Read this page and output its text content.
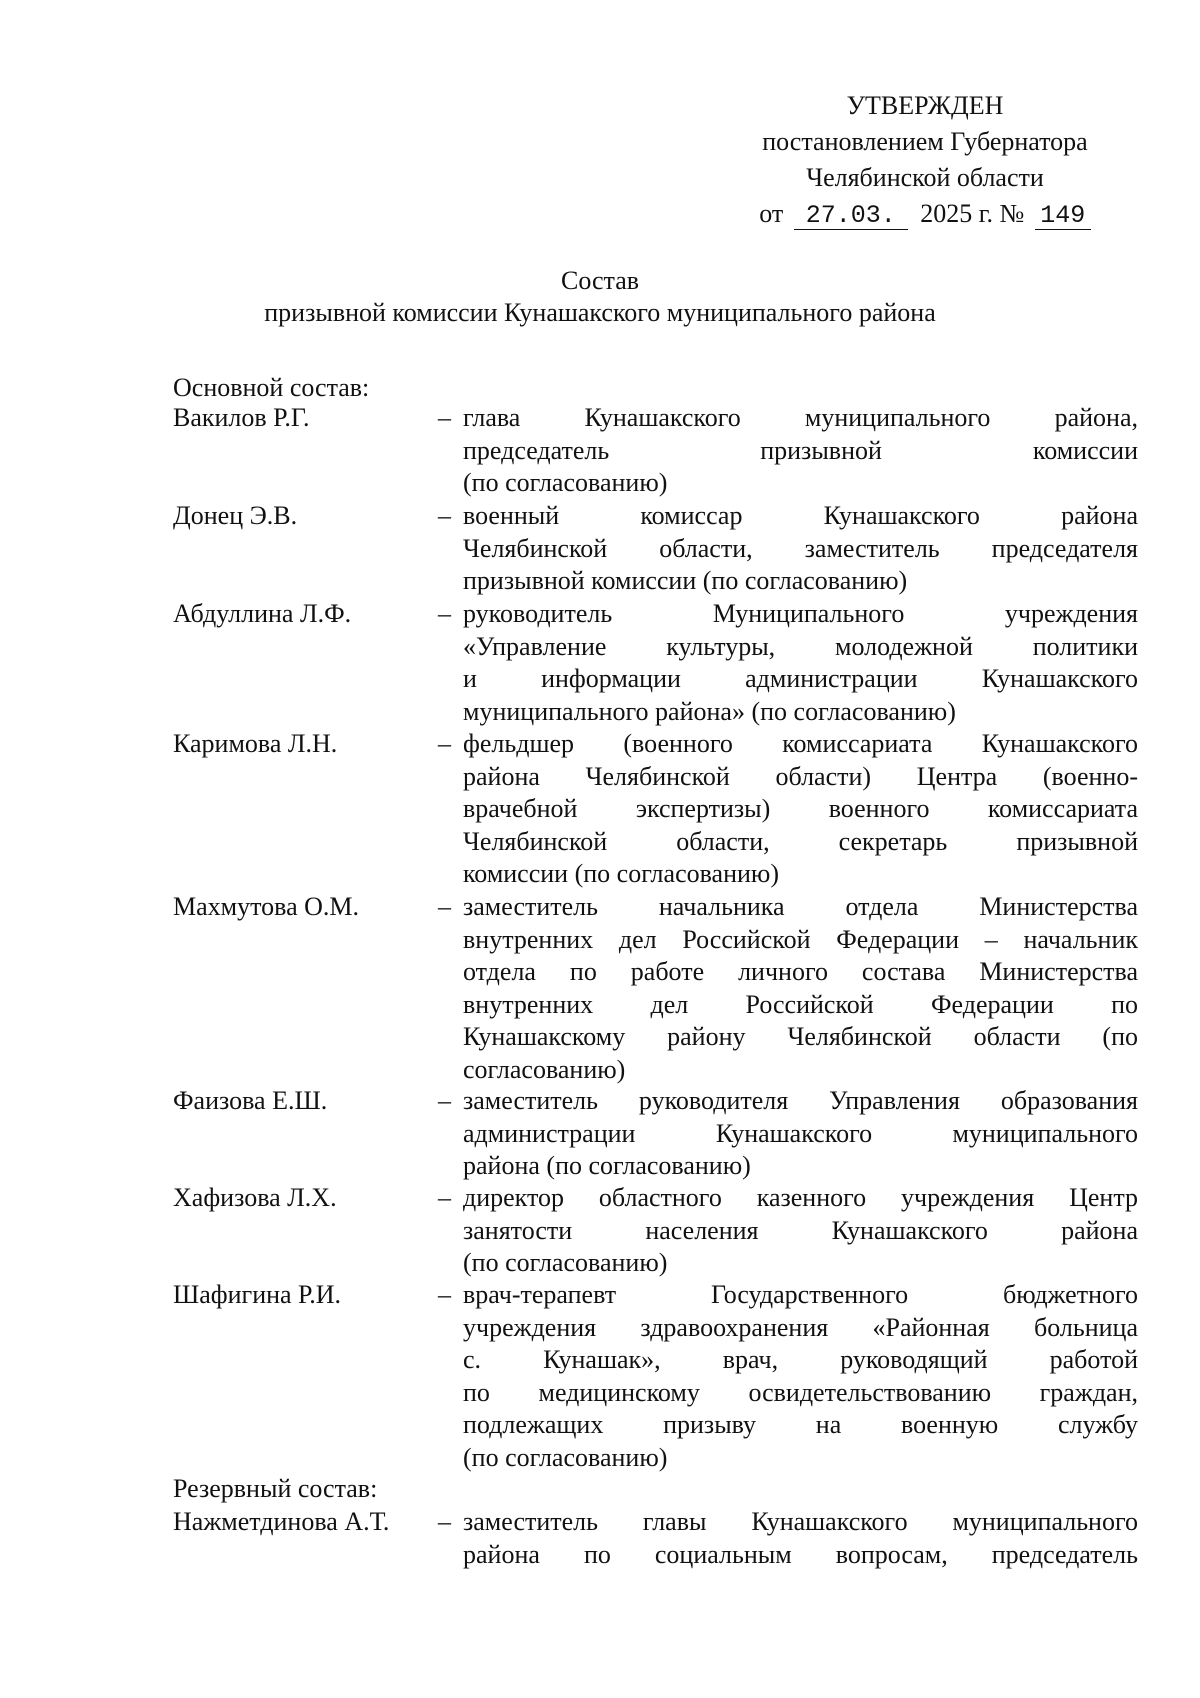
УТВЕРЖДЕН
постановлением Губернатора
Челябинской области
от 27.03. 2025 г. № 149
Состав
призывной комиссии Кунашакского муниципального района
Основной состав:
Вакилов Р.Г.	– глава Кунашакского муниципального района,
председатель призывной комиссии
(по согласованию)
Донец Э.В.	– военный комиссар Кунашакского района
Челябинской области, заместитель председателя
призывной комиссии (по согласованию)
Абдуллина Л.Ф.	– руководитель Муниципального учреждения
«Управление культуры, молодежной политики
и информации администрации Кунашакского
муниципального района» (по согласованию)
Каримова Л.Н.	– фельдшер (военного комиссариата Кунашакского
района Челябинской области) Центра (военно-
врачебной экспертизы) военного комиссариата
Челябинской области, секретарь призывной
комиссии (по согласованию)
Махмутова О.М.	– заместитель начальника отдела Министерства
внутренних дел Российской Федерации – начальник
отдела по работе личного состава Министерства
внутренних дел Российской Федерации по
Кунашакскому району Челябинской области (по
согласованию)
Фаизова Е.Ш.	– заместитель руководителя Управления образования
администрации Кунашакского муниципального
района (по согласованию)
Хафизова Л.Х.	– директор областного казенного учреждения Центр
занятости населения Кунашакского района
(по согласованию)
Шафигина Р.И.	– врач-терапевт Государственного бюджетного
учреждения здравоохранения «Районная больница
с. Кунашак», врач, руководящий работой
по медицинскому освидетельствованию граждан,
подлежащих призыву на военную службу
(по согласованию)
Резервный состав:
Нажметдинова А.Т. – заместитель главы Кунашакского муниципального
района по социальным вопросам, председатель
